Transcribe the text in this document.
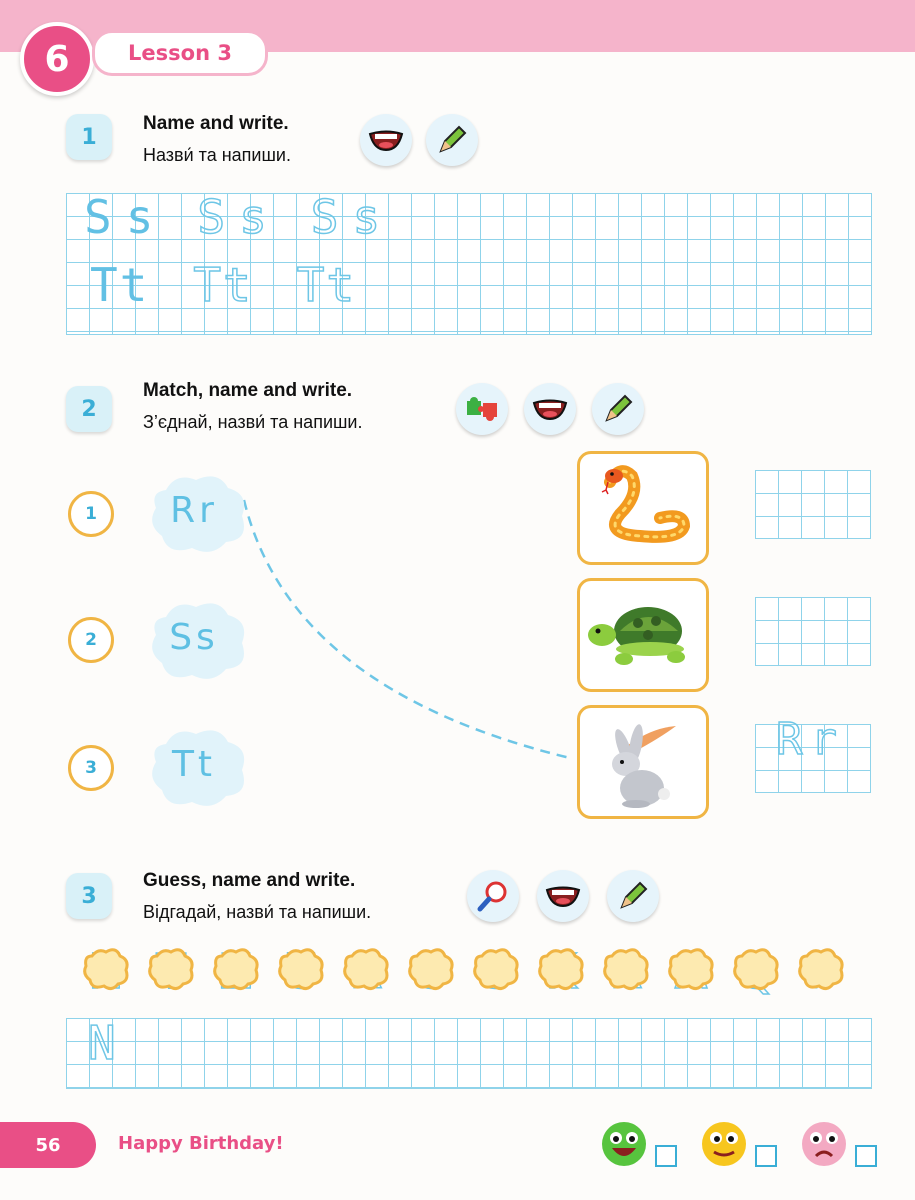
6	Lesson 3
1
Name and write.
Назви́ та напиши.
Ss Ss Ss
Tt Tt Tt
2
Match, name and write.
З’єднай, назви́ та напиши.
1	Rr
2	Ss
3	Tt	Rr
3
Guess, name and write.
Відгадай, назви́ та напиши.
N
56	Happy Birthday!
